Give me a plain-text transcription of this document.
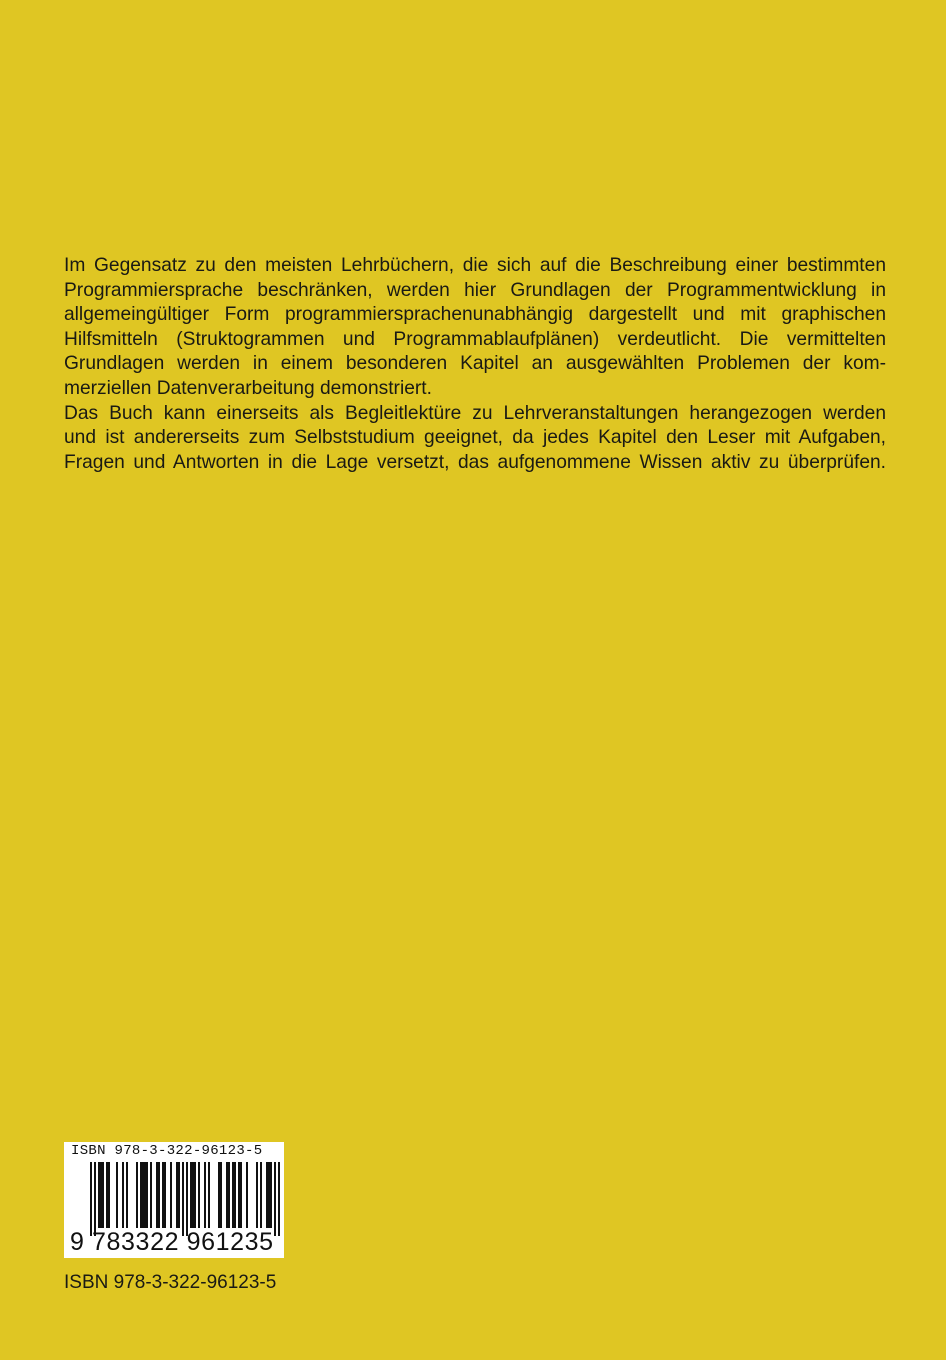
Im Gegensatz zu den meisten Lehrbüchern, die sich auf die Beschreibung einer bestimmten
Programmiersprache beschränken, werden hier Grundlagen der Programmentwicklung in
allgemeingültiger Form programmiersprachenunabhängig dargestellt und mit graphischen
Hilfsmitteln (Struktogrammen und Programmablaufplänen) verdeutlicht. Die vermittelten
Grundlagen werden in einem besonderen Kapitel an ausgewählten Problemen der kom-
merziellen Datenverarbeitung demonstriert.
Das Buch kann einerseits als Begleitlektüre zu Lehrveranstaltungen herangezogen werden
und ist andererseits zum Selbststudium geeignet, da jedes Kapitel den Leser mit Aufgaben,
Fragen und Antworten in die Lage versetzt, das aufgenommene Wissen aktiv zu überprüfen.
ISBN 978-3-322-96123-5
9 783322 961235
ISBN 978-3-322-96123-5
